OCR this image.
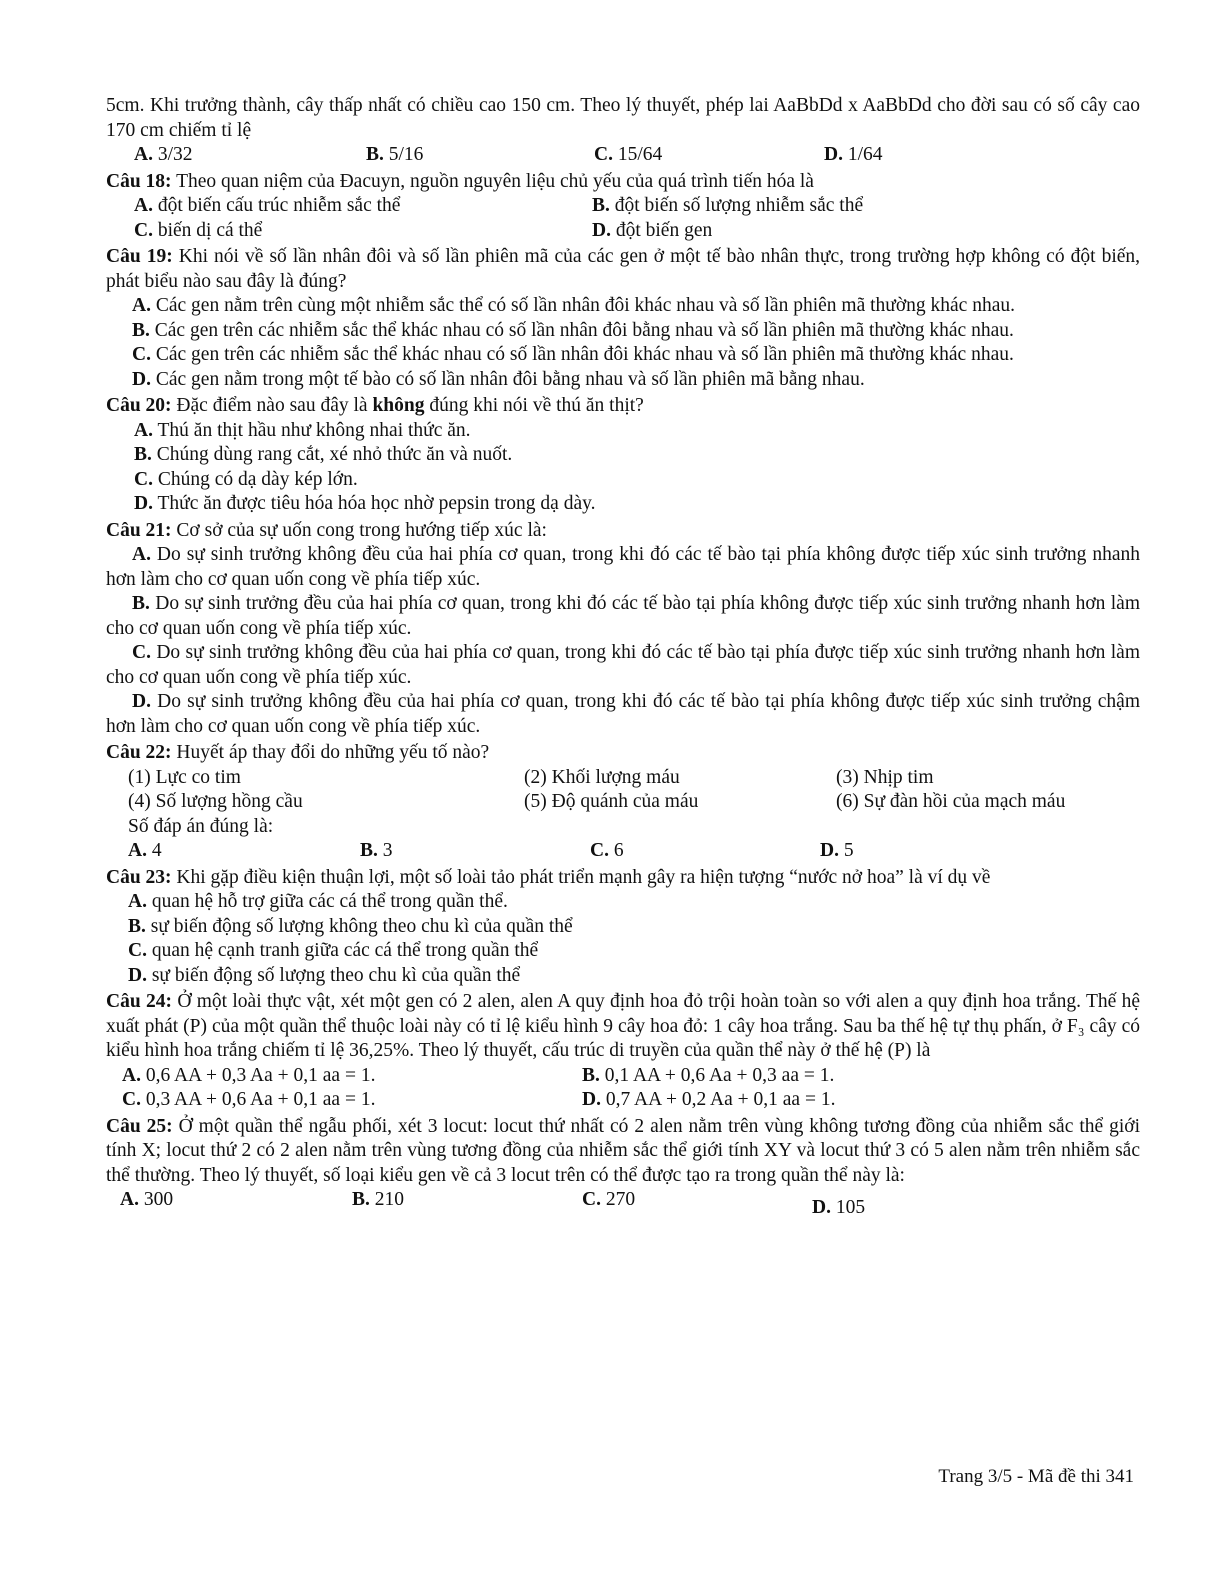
5cm. Khi trưởng thành, cây thấp nhất có chiều cao 150 cm. Theo lý thuyết, phép lai AaBbDd x AaBbDd cho đời sau có số cây cao 170 cm chiếm tỉ lệ

A. 3/32	B. 5/16	C. 15/64	D. 1/64

Câu 18: Theo quan niệm của Đacuyn, nguồn nguyên liệu chủ yếu của quá trình tiến hóa là

A. đột biến cấu trúc nhiễm sắc thể	B. đột biến số lượng nhiễm sắc thể
C. biến dị cá thể	D. đột biến gen

Câu 19: Khi nói về số lần nhân đôi và số lần phiên mã của các gen ở một tế bào nhân thực, trong trường hợp không có đột biến, phát biểu nào sau đây là đúng?

A. Các gen nằm trên cùng một nhiễm sắc thể có số lần nhân đôi khác nhau và số lần phiên mã thường khác nhau.

B. Các gen trên các nhiễm sắc thể khác nhau có số lần nhân đôi bằng nhau và số lần phiên mã thường khác nhau.

C. Các gen trên các nhiễm sắc thể khác nhau có số lần nhân đôi khác nhau và số lần phiên mã thường khác nhau.

D. Các gen nằm trong một tế bào có số lần nhân đôi bằng nhau và số lần phiên mã bằng nhau.

Câu 20: Đặc điểm nào sau đây là không đúng khi nói về thú ăn thịt?

A. Thú ăn thịt hầu như không nhai thức ăn.
B. Chúng dùng rang cắt, xé nhỏ thức ăn và nuốt.
C. Chúng có dạ dày kép lớn.
D. Thức ăn được tiêu hóa hóa học nhờ pepsin trong dạ dày.

Câu 21: Cơ sở của sự uốn cong trong hướng tiếp xúc là:

A. Do sự sinh trưởng không đều của hai phía cơ quan, trong khi đó các tế bào tại phía không được tiếp xúc sinh trưởng nhanh hơn làm cho cơ quan uốn cong về phía tiếp xúc.

B. Do sự sinh trưởng đều của hai phía cơ quan, trong khi đó các tế bào tại phía không được tiếp xúc sinh trưởng nhanh hơn làm cho cơ quan uốn cong về phía tiếp xúc.

C. Do sự sinh trưởng không đều của hai phía cơ quan, trong khi đó các tế bào tại phía được tiếp xúc sinh trưởng nhanh hơn làm cho cơ quan uốn cong về phía tiếp xúc.

D. Do sự sinh trưởng không đều của hai phía cơ quan, trong khi đó các tế bào tại phía không được tiếp xúc sinh trưởng chậm hơn làm cho cơ quan uốn cong về phía tiếp xúc.

Câu 22: Huyết áp thay đổi do những yếu tố nào?

(1) Lực co tim	(2) Khối lượng máu	(3) Nhịp tim
(4) Số lượng hồng cầu	(5) Độ quánh của máu	(6) Sự đàn hồi của mạch máu
Số đáp án đúng là:
A. 4	B. 3	C. 6	D. 5

Câu 23: Khi gặp điều kiện thuận lợi, một số loài tảo phát triển mạnh gây ra hiện tượng “nước nở hoa” là ví dụ về

A. quan hệ hỗ trợ giữa các cá thể trong quần thể.
B. sự biến động số lượng không theo chu kì của quần thể
C. quan hệ cạnh tranh giữa các cá thể trong quần thể
D. sự biến động số lượng theo chu kì của quần thể

Câu 24: Ở một loài thực vật, xét một gen có 2 alen, alen A quy định hoa đỏ trội hoàn toàn so với alen a quy định hoa trắng. Thế hệ xuất phát (P) của một quần thể thuộc loài này có tỉ lệ kiểu hình 9 cây hoa đỏ: 1 cây hoa trắng. Sau ba thế hệ tự thụ phấn, ở F₃ cây có kiểu hình hoa trắng chiếm tỉ lệ 36,25%. Theo lý thuyết, cấu trúc di truyền của quần thể này ở thế hệ (P) là

A. 0,6 AA + 0,3 Aa + 0,1 aa = 1.	B. 0,1 AA + 0,6 Aa + 0,3 aa = 1.
C. 0,3 AA + 0,6 Aa + 0,1 aa = 1.	D. 0,7 AA + 0,2 Aa + 0,1 aa = 1.

Câu 25: Ở một quần thể ngẫu phối, xét 3 locut: locut thứ nhất có 2 alen nằm trên vùng không tương đồng của nhiễm sắc thể giới tính X; locut thứ 2 có 2 alen nằm trên vùng tương đồng của nhiễm sắc thể giới tính XY và locut thứ 3 có 5 alen nằm trên nhiễm sắc thể thường. Theo lý thuyết, số loại kiểu gen về cả 3 locut trên có thể được tạo ra trong quần thể này là:

A. 300	B. 210	C. 270	D. 105
Trang 3/5 - Mã đề thi 341
